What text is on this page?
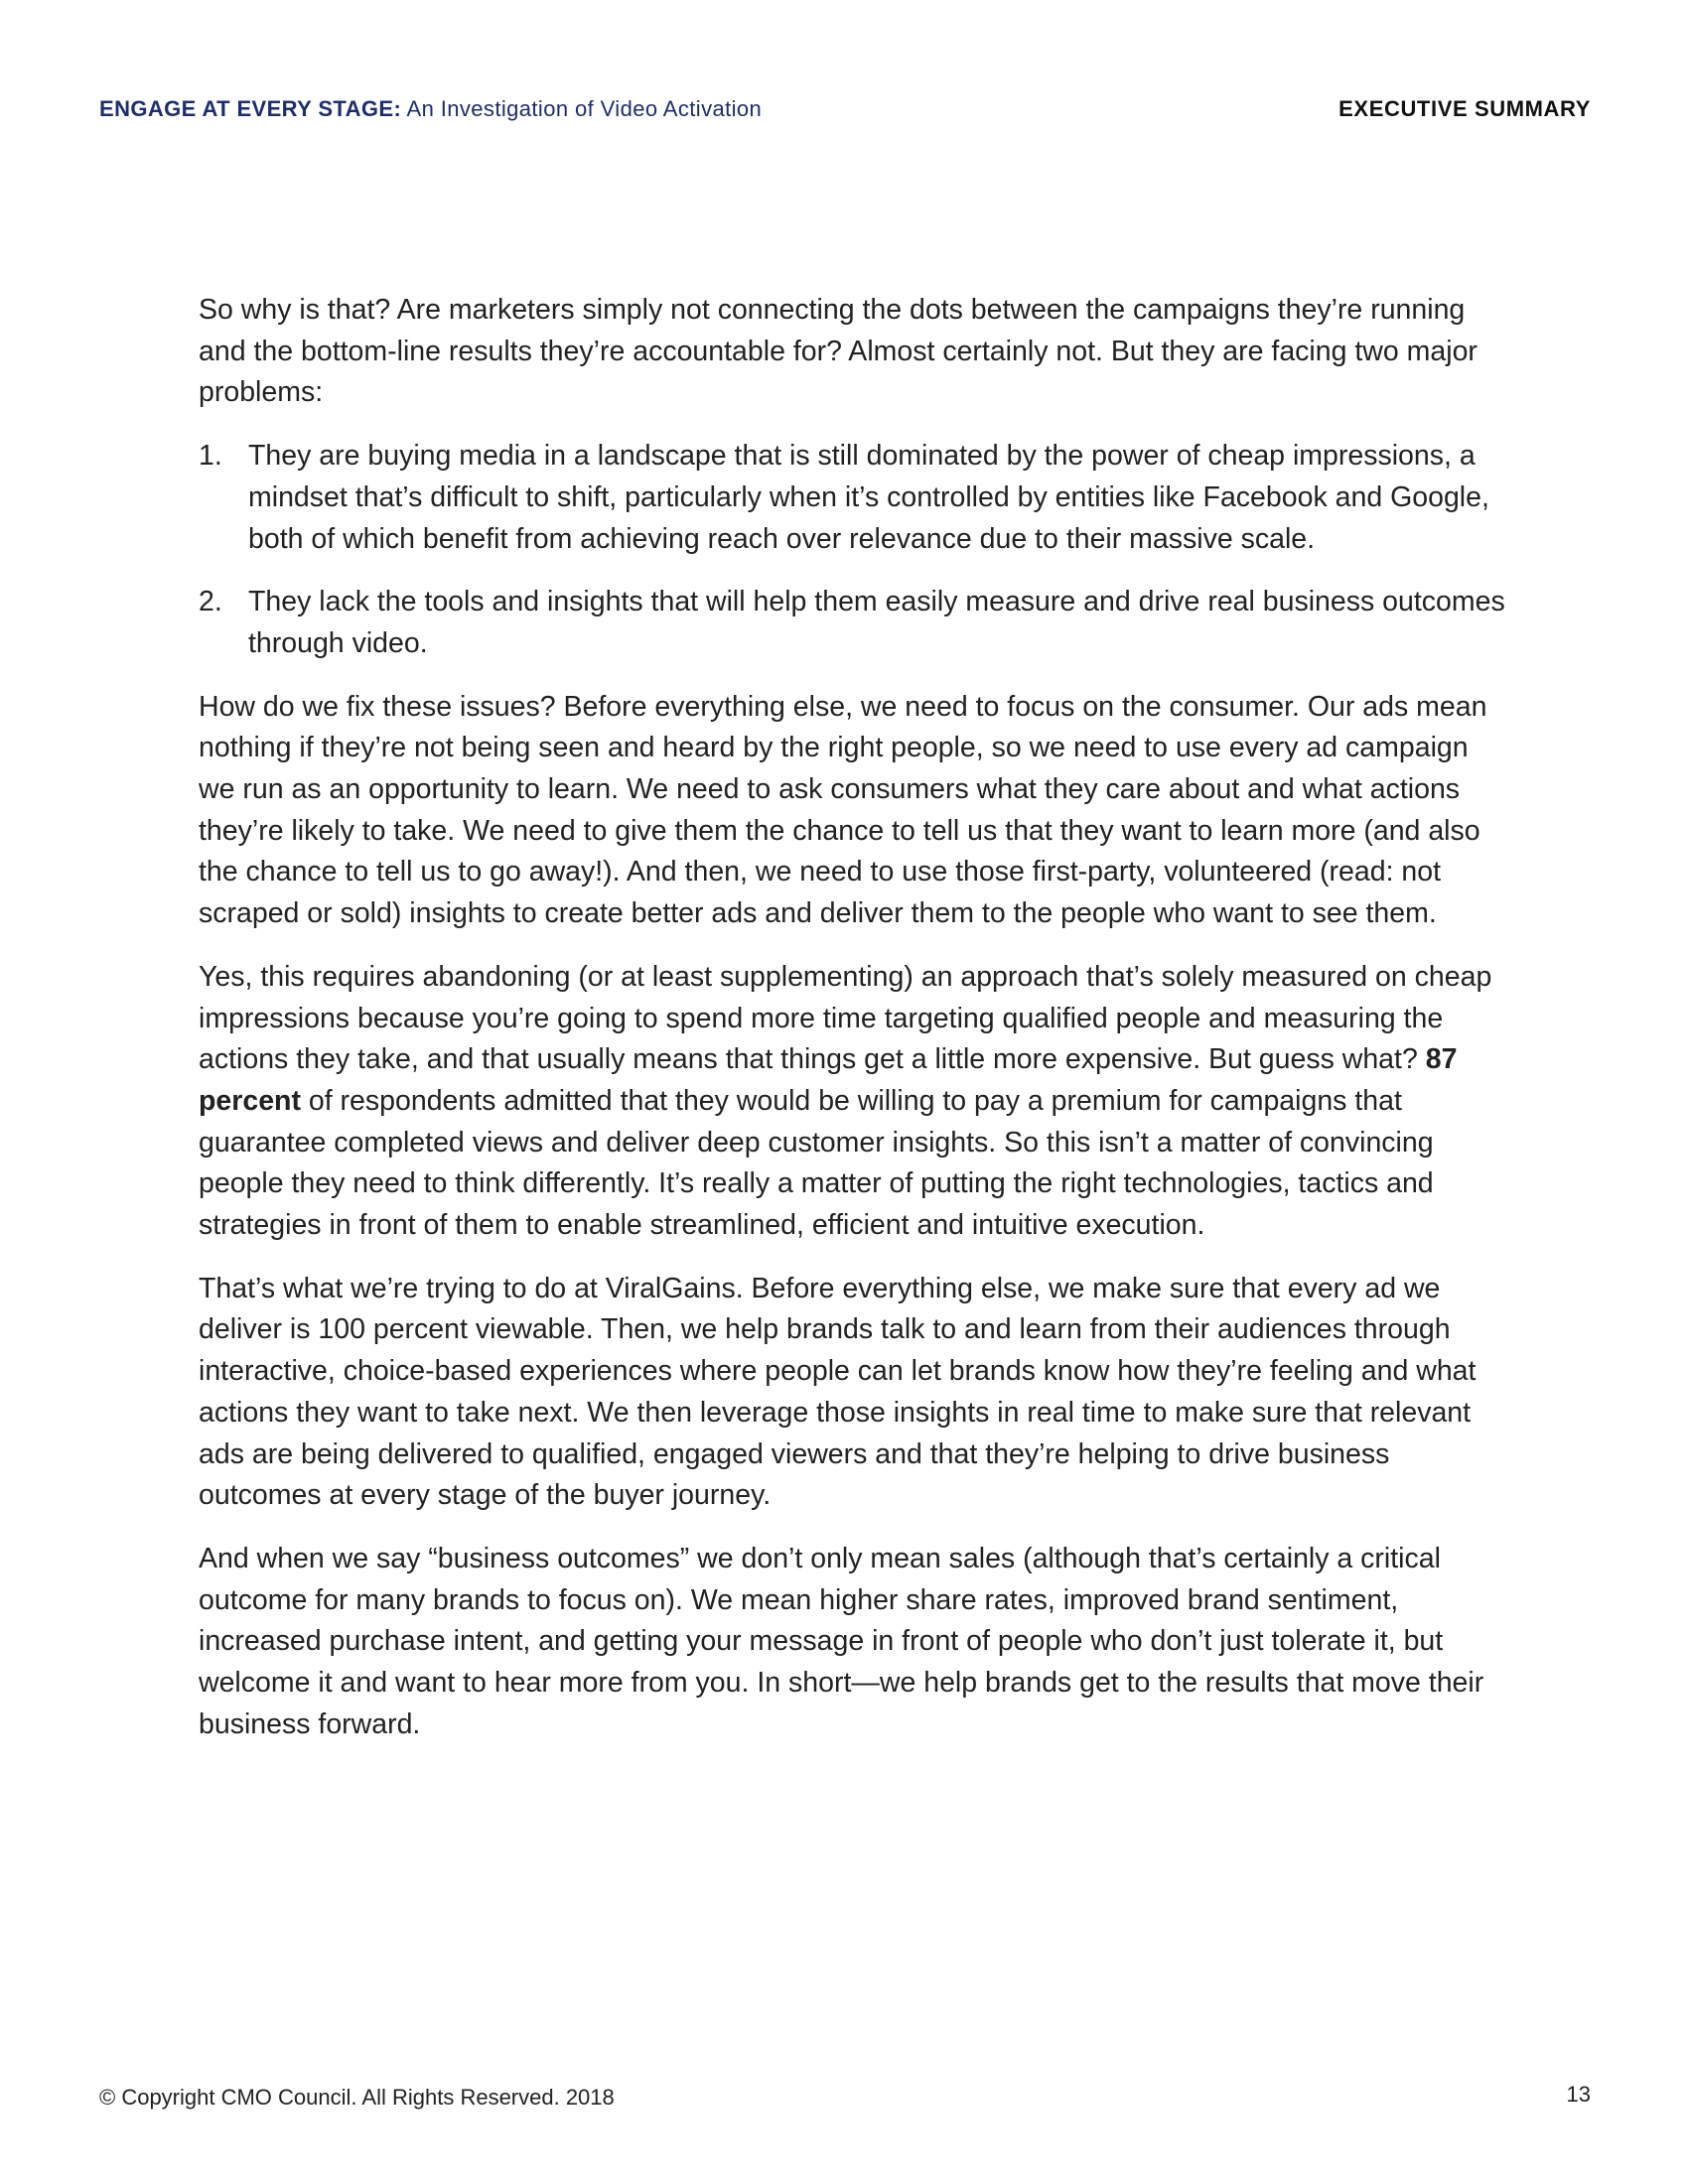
ENGAGE AT EVERY STAGE: An Investigation of Video Activation	EXECUTIVE SUMMARY

So why is that? Are marketers simply not connecting the dots between the campaigns they’re running and the bottom-line results they’re accountable for? Almost certainly not. But they are facing two major problems:

1. They are buying media in a landscape that is still dominated by the power of cheap impressions, a mindset that’s difficult to shift, particularly when it’s controlled by entities like Facebook and Google, both of which benefit from achieving reach over relevance due to their massive scale.
2. They lack the tools and insights that will help them easily measure and drive real business outcomes through video.

How do we fix these issues? Before everything else, we need to focus on the consumer. Our ads mean nothing if they’re not being seen and heard by the right people, so we need to use every ad campaign we run as an opportunity to learn. We need to ask consumers what they care about and what actions they’re likely to take. We need to give them the chance to tell us that they want to learn more (and also the chance to tell us to go away!). And then, we need to use those first-party, volunteered (read: not scraped or sold) insights to create better ads and deliver them to the people who want to see them.

Yes, this requires abandoning (or at least supplementing) an approach that’s solely measured on cheap impressions because you’re going to spend more time targeting qualified people and measuring the actions they take, and that usually means that things get a little more expensive. But guess what? 87 percent of respondents admitted that they would be willing to pay a premium for campaigns that guarantee completed views and deliver deep customer insights. So this isn’t a matter of convincing people they need to think differently. It’s really a matter of putting the right technologies, tactics and strategies in front of them to enable streamlined, efficient and intuitive execution.

That’s what we’re trying to do at ViralGains. Before everything else, we make sure that every ad we deliver is 100 percent viewable. Then, we help brands talk to and learn from their audiences through interactive, choice-based experiences where people can let brands know how they’re feeling and what actions they want to take next. We then leverage those insights in real time to make sure that relevant ads are being delivered to qualified, engaged viewers and that they’re helping to drive business outcomes at every stage of the buyer journey.

And when we say “business outcomes” we don’t only mean sales (although that’s certainly a critical outcome for many brands to focus on). We mean higher share rates, improved brand sentiment, increased purchase intent, and getting your message in front of people who don’t just tolerate it, but welcome it and want to hear more from you. In short—we help brands get to the results that move their business forward.

© Copyright CMO Council. All Rights Reserved. 2018	13
